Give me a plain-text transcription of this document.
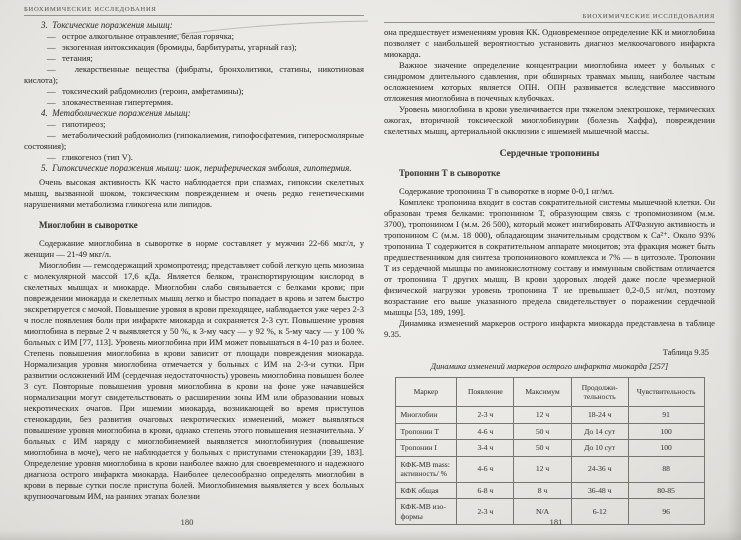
БИОХИМИЧЕСКИЕ ИССЛЕДОВАНИЯ
3.  Токсические поражения мышц:
—   острое алкогольное отравление, белая горячка;
—   экзогенная интоксикация (бромиды, барбитураты, угарный газ);
—   тетания;
—   лекарственные вещества (фибраты, бронхолитики, статины, никотиновая кислота);
—   токсический рабдомиолиз (героин, амфетамины);
—   злокачественная гипертермия.
4.  Метаболические поражения мышц:
—   гипотиреоз;
—   метаболический рабдомиолиз (гипокалиемия, гипофосфатемия, гиперосмолярные состояния);
—   гликогеноз (тип V).
5.  Гипоксические поражения мышц: шок, периферическая эмболия, гипотермия.

Очень высокая активность КК часто наблюдается при спазмах, гипоксии скелетных мышц, вызванной шоком, токсическим повреждением и очень редко генетическими нарушениями метаболизма гликогена или липидов.

Миоглобин в сыворотке

Содержание миоглобина в сыворотке в норме составляет у мужчин 22-66 мкг/л, у женщин — 21-49 мкг/л.

Миоглобин — гемсодержащий хромопротеид; представляет собой легкую цепь миозина с молекулярной массой 17,6 кДа. Является белком, транспортирующим кислород в скелетных мышцах и миокарде. Миоглобин слабо связывается с белками крови; при повреждении миокарда и скелетных мышц легко и быстро попадает в кровь и затем быстро экскретируется с мочой. Повышение уровня в крови преходящее, наблюдается уже через 2-3 ч после появления боли при инфаркте миокарда и сохраняется 2-3 сут. Повышение уровня миоглобина в первые 2 ч выявляется у 50 %, к 3-му часу — у 92 %, к 5-му часу — у 100 % больных с ИМ [77, 113]. Уровень миоглобина при ИМ может повышаться в 4-10 раз и более. Степень повышения миоглобина в крови зависит от площади повреждения миокарда. Нормализация уровня миоглобина отмечается у больных с ИМ на 2-3-и сутки. При развитии осложнений ИМ (сердечная недостаточность) уровень миоглобина повышен более 3 сут. Повторные повышения уровня миоглобина в крови на фоне уже начавшейся нормализации могут свидетельствовать о расширении зоны ИМ или образовании новых некротических очагов. При ишемии миокарда, возникающей во время приступов стенокардии, без развития очаговых некротических изменений, может выявляться повышение уровня миоглобина в крови, однако степень этого повышения незначительна. У больных с ИМ наряду с миоглобинемией выявляется миоглобинурия (повышение миоглобина в моче), чего не наблюдается у больных с приступами стенокардии [39, 183]. Определение уровня миоглобина в крови наиболее важно для своевременного и надежного диагноза острого инфаркта миокарда. Наиболее целесообразно определять миоглобин в крови в первые сутки после приступа болей. Миоглобинемия выявляется у всех больных крупноочаговым ИМ, на ранних этапах болезни

БИОХИМИЧЕСКИЕ ИССЛЕДОВАНИЯ

она предшествует изменениям уровня КК. Одновременное определение КК и миоглобина позволяет с наибольшей вероятностью установить диагноз мелкоочагового инфаркта миокарда.

Важное значение определение концентрации миоглобина имеет у больных с синдромом длительного сдавления, при обширных травмах мышц, наиболее частым осложнением которых является ОПН. ОПН развивается вследствие массивного отложения миоглобина в почечных клубочках.

Уровень миоглобина в крови увеличивается при тяжелом электрошоке, термических ожогах, вторичной токсической миоглобинурии (болезнь Хаффа), повреждении скелетных мышц, артериальной окклюзии с ишемией мышечной массы.

Сердечные тропонины
Тропонин Т в сыворотке

Содержание тропонина Т в сыворотке в норме 0-0,1 нг/мл.

Комплекс тропонина входит в состав сократительной системы мышечной клетки. Он образован тремя белками: тропонином Т, образующим связь с тропомиозином (м.м. 3700), тропонином I (м.м. 26 500), который может ингибировать АТФазную активность и тропонином С (м.м. 18 000), обладающим значительным сродством к Са²⁺. Около 93% тропонина Т содержится в сократительном аппарате миоцитов; эта фракция может быть предшественником для синтеза тропонинового комплекса и 7% — в цитозоле. Тропонин Т из сердечной мышцы по аминокислотному составу и иммунным свойствам отличается от тропонина Т других мышц. В крови здоровых людей даже после чрезмерной физической нагрузки уровень тропонина Т не превышает 0,2-0,5 нг/мл, поэтому возрастание его выше указанного предела свидетельствует о поражении сердечной мышцы [53, 189, 199].

Динамика изменений маркеров острого инфаркта миокарда представлена в таблице 9.35.

Таблица 9.35
Динамика изменений маркеров острого инфаркта миокарда [257]
Маркер	Появление	Максимум	Продолжительность	Чувствительность
Миоглобин	2-3 ч	12 ч	18-24 ч	91
Тропонин Т	4-6 ч	50 ч	До 14 сут	100
Тропонин I	3-4 ч	50 ч	До 10 сут	100
КФК-МВ mass: активность/ %	4-6 ч	12 ч	24-36 ч	88
КФК общая	6-8 ч	8 ч	36-48 ч	80-85
КФК-МВ изо-формы	2-3 ч	N/A	6-12	96
180	181
